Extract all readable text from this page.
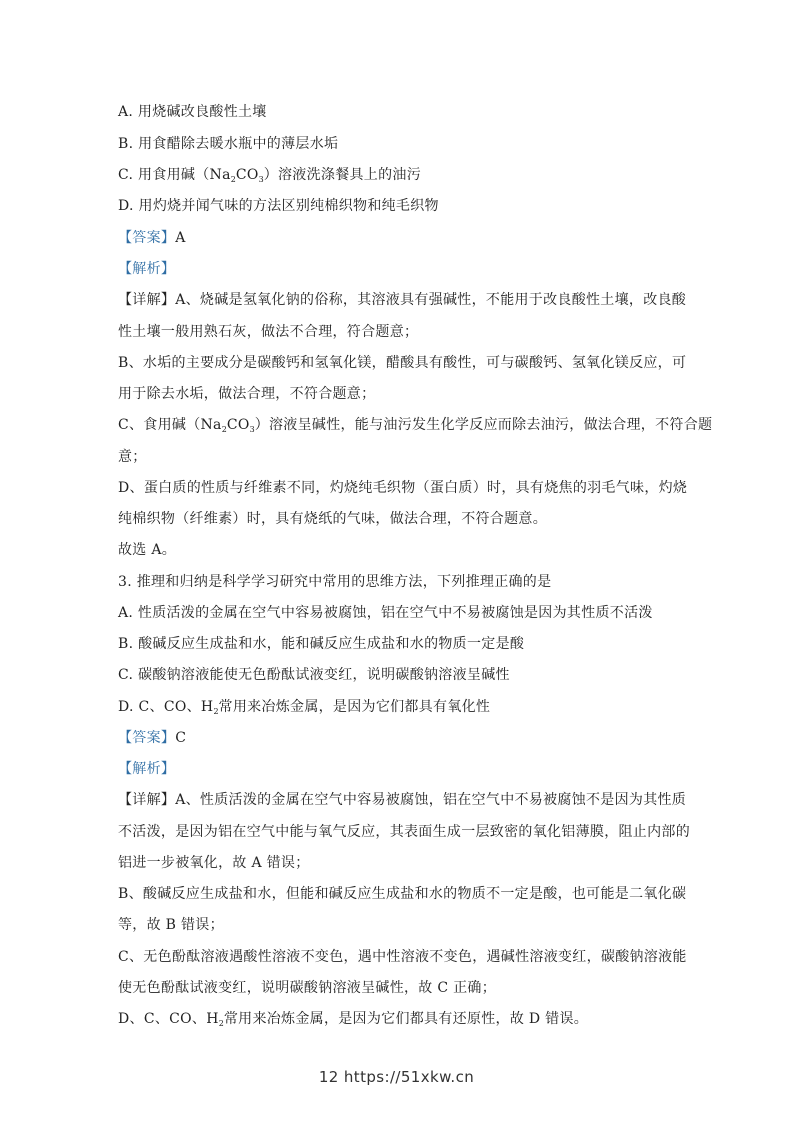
A. 用烧碱改良酸性土壤
B. 用食醋除去暖水瓶中的薄层水垢
C. 用食用碱$(Na_2CO_3)$溶液洗涤餐具上的油污
D. 用灼烧并闻气味的方法区别纯棉织物和纯毛织物
【答案】A
【解析】
【详解】A、烧碱是氢氧化钠的俗称，其溶液具有强碱性，不能用于改良酸性土壤，改良酸
性土壤一般用熟石灰，做法不合理，符合题意；
B、水垢的主要成分是碳酸钙和氢氧化镁，醋酸具有酸性，可与碳酸钙、氢氧化镁反应，可
用于除去水垢，做法合理，不符合题意；
C、食用碱$(Na_2CO_3)$溶液呈碱性，能与油污发生化学反应而除去油污，做法合理，不符合题
意；
D、蛋白质的性质与纤维素不同，灼烧纯毛织物（蛋白质）时，具有烧焦的羽毛气味，灼烧
纯棉织物（纤维素）时，具有烧纸的气味，做法合理，不符合题意。
故选 A。
3. 推理和归纳是科学学习研究中常用的思维方法，下列推理正确的是
A. 性质活泼的金属在空气中容易被腐蚀，铝在空气中不易被腐蚀是因为其性质不活泼
B. 酸碱反应生成盐和水，能和碱反应生成盐和水的物质一定是酸
C. 碳酸钠溶液能使无色酚酞试液变红，说明碳酸钠溶液呈碱性
D. C、CO、$H_2$常用来冶炼金属，是因为它们都具有氧化性
【答案】C
【解析】
【详解】A、性质活泼的金属在空气中容易被腐蚀，铝在空气中不易被腐蚀不是因为其性质
不活泼，是因为铝在空气中能与氧气反应，其表面生成一层致密的氧化铝薄膜，阻止内部的
铝进一步被氧化，故 A 错误；
B、酸碱反应生成盐和水，但能和碱反应生成盐和水的物质不一定是酸，也可能是二氧化碳
等，故 B 错误；
C、无色酚酞溶液遇酸性溶液不变色，遇中性溶液不变色，遇碱性溶液变红，碳酸钠溶液能
使无色酚酞试液变红，说明碳酸钠溶液呈碱性，故 C 正确；
D、C、CO、$H_2$常用来冶炼金属，是因为它们都具有还原性，故 D 错误。
12 https://51xkw.cn
